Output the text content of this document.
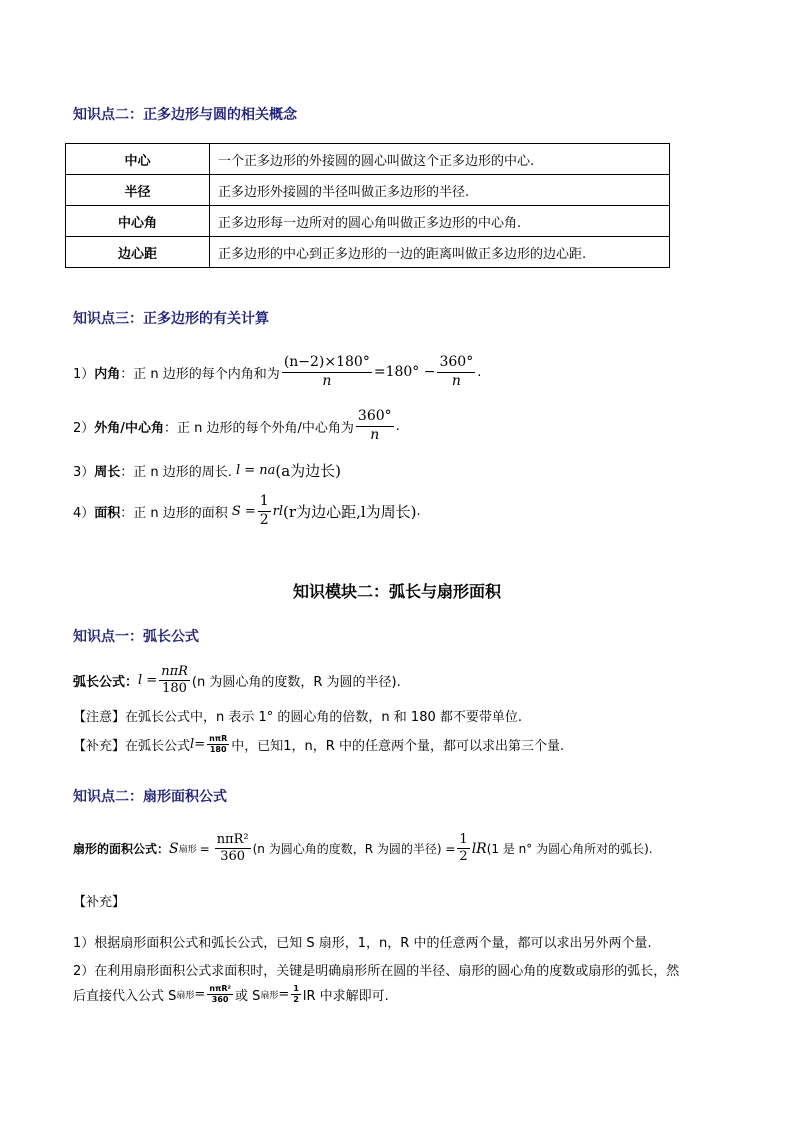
知识点二：正多边形与圆的相关概念
中心	一个正多边形的外接圆的圆心叫做这个正多边形的中心.
半径	正多边形外接圆的半径叫做正多边形的半径.
中心角	正多边形每一边所对的圆心角叫做正多边形的中心角.
边心距	正多边形的中心到正多边形的一边的距离叫做正多边形的边心距.
知识点三：正多边形的有关计算
1） 内角 ：正 n 边形的每个内角和为 $\frac{(n-2)\times 180^\circ}{n} =180^\circ - \frac{360^\circ}{n}$ .
2） 外角/中心角 ：正 n 边形的每个外角/中心角为 $\frac{360^\circ}{n}$ .
3） 周长 ：正 n 边形的周长. l = na (a为边长)
4） 面积 ：正 n 边形的面积 $S = \frac{1}{2}$ rl (r为边心距,l为周长) .
知识模块二：弧长与扇形面积
知识点一：弧长公式
弧长公式： $l = \frac{\text{nπR}}{180} (n$ 为圆心角的度数，R 为圆的半径).
【注意】在弧长公式中，n 表示 1° 的圆心角的倍数，n 和 180 都不要带单位.
【补充】 在弧长公式 $l= \frac{\text{nπR}}{180}$ 中，已知1，n，R 中的任意两个量，都可以求出第三个量.
知识点二：扇形面积公式
扇形的面积公式： S 扇形 = $\frac{\text{nπR²}}{360} (n$ 为圆心角的度数，R 为圆的半径) = $\frac{1}{2}$ lR (1 是 n° 为圆心角所对的弧长).
【补充】
1）根据扇形面积公式和弧长公式，已知 S 扇形，1，n，R 中的任意两个量，都可以求出另外两个量.
2）在利用扇形面积公式求面积时，关键是明确扇形所在圆的半径、扇形的圆心角的度数或扇形的弧长，然
后直接代入公式 S 扇形 = $\frac{\text{nπR²}}{360}$ 或 S 扇形 = $\frac{1}{2}$ lR 中求解即可.
